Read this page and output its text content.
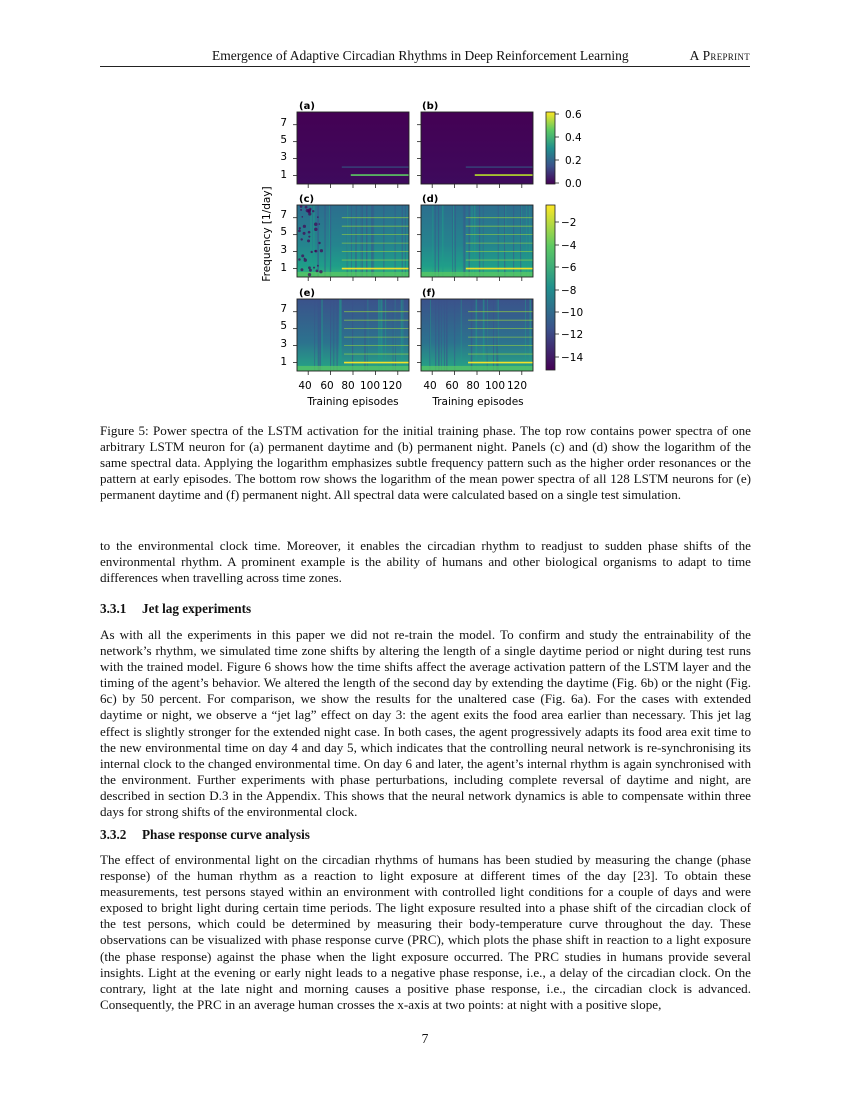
Emergence of Adaptive Circadian Rhythms in Deep Reinforcement Learning	A Preprint
(a)	(b)
(c)	(d)
(e)	(f)
7
5
3
1
7
5
3
1
7
5
3
1
Frequency [1/day]
40 60 80 100 120 40 60 80 100 120
Training episodes	Training episodes
0.6
0.4
0.2
0.0
−2
−4
−6
−8
−10
−12
−14
Figure 5: Power spectra of the LSTM activation for the initial training phase. The top row contains power spectra of one arbitrary LSTM neuron for (a) permanent daytime and (b) permanent night. Panels (c) and (d) show the logarithm of the same spectral data. Applying the logarithm emphasizes subtle frequency pattern such as the higher order resonances or the pattern at early episodes. The bottom row shows the logarithm of the mean power spectra of all 128 LSTM neurons for (e) permanent daytime and (f) permanent night. All spectral data were calculated based on a single test simulation.

to the environmental clock time. Moreover, it enables the circadian rhythm to readjust to sudden phase shifts of the environmental rhythm. A prominent example is the ability of humans and other biological organisms to adapt to time differences when travelling across time zones.

3.3.1 Jet lag experiments

As with all the experiments in this paper we did not re-train the model. To confirm and study the entrainability of the network’s rhythm, we simulated time zone shifts by altering the length of a single daytime period or night during test runs with the trained model. Figure 6 shows how the time shifts affect the average activation pattern of the LSTM layer and the timing of the agent’s behavior. We altered the length of the second day by extending the daytime (Fig. 6b) or the night (Fig. 6c) by 50 percent. For comparison, we show the results for the unaltered case (Fig. 6a). For the cases with extended daytime or night, we observe a “jet lag” effect on day 3: the agent exits the food area earlier than necessary. This jet lag effect is slightly stronger for the extended night case. In both cases, the agent progressively adapts its food area exit time to the new environmental time on day 4 and day 5, which indicates that the controlling neural network is re-synchronising its internal clock to the changed environmental time. On day 6 and later, the agent’s internal rhythm is again synchronised with the environment. Further experiments with phase perturbations, including complete reversal of daytime and night, are described in section D.3 in the Appendix. This shows that the neural network dynamics is able to compensate within three days for strong shifts of the environmental clock.

3.3.2 Phase response curve analysis

The effect of environmental light on the circadian rhythms of humans has been studied by measuring the change (phase response) of the human rhythm as a reaction to light exposure at different times of the day [23]. To obtain these measurements, test persons stayed within an environment with controlled light conditions for a couple of days and were exposed to bright light during certain time periods. The light exposure resulted into a phase shift of the circadian clock of the test persons, which could be determined by measuring their body-temperature curve throughout the day. These observations can be visualized with phase response curve (PRC), which plots the phase shift in reaction to a light exposure (the phase response) against the phase when the light exposure occurred. The PRC studies in humans provide several insights. Light at the evening or early night leads to a negative phase response, i.e., a delay of the circadian clock. On the contrary, light at the late night and morning causes a positive phase response, i.e., the circadian clock is advanced. Consequently, the PRC in an average human crosses the x-axis at two points: at night with a positive slope,

7
